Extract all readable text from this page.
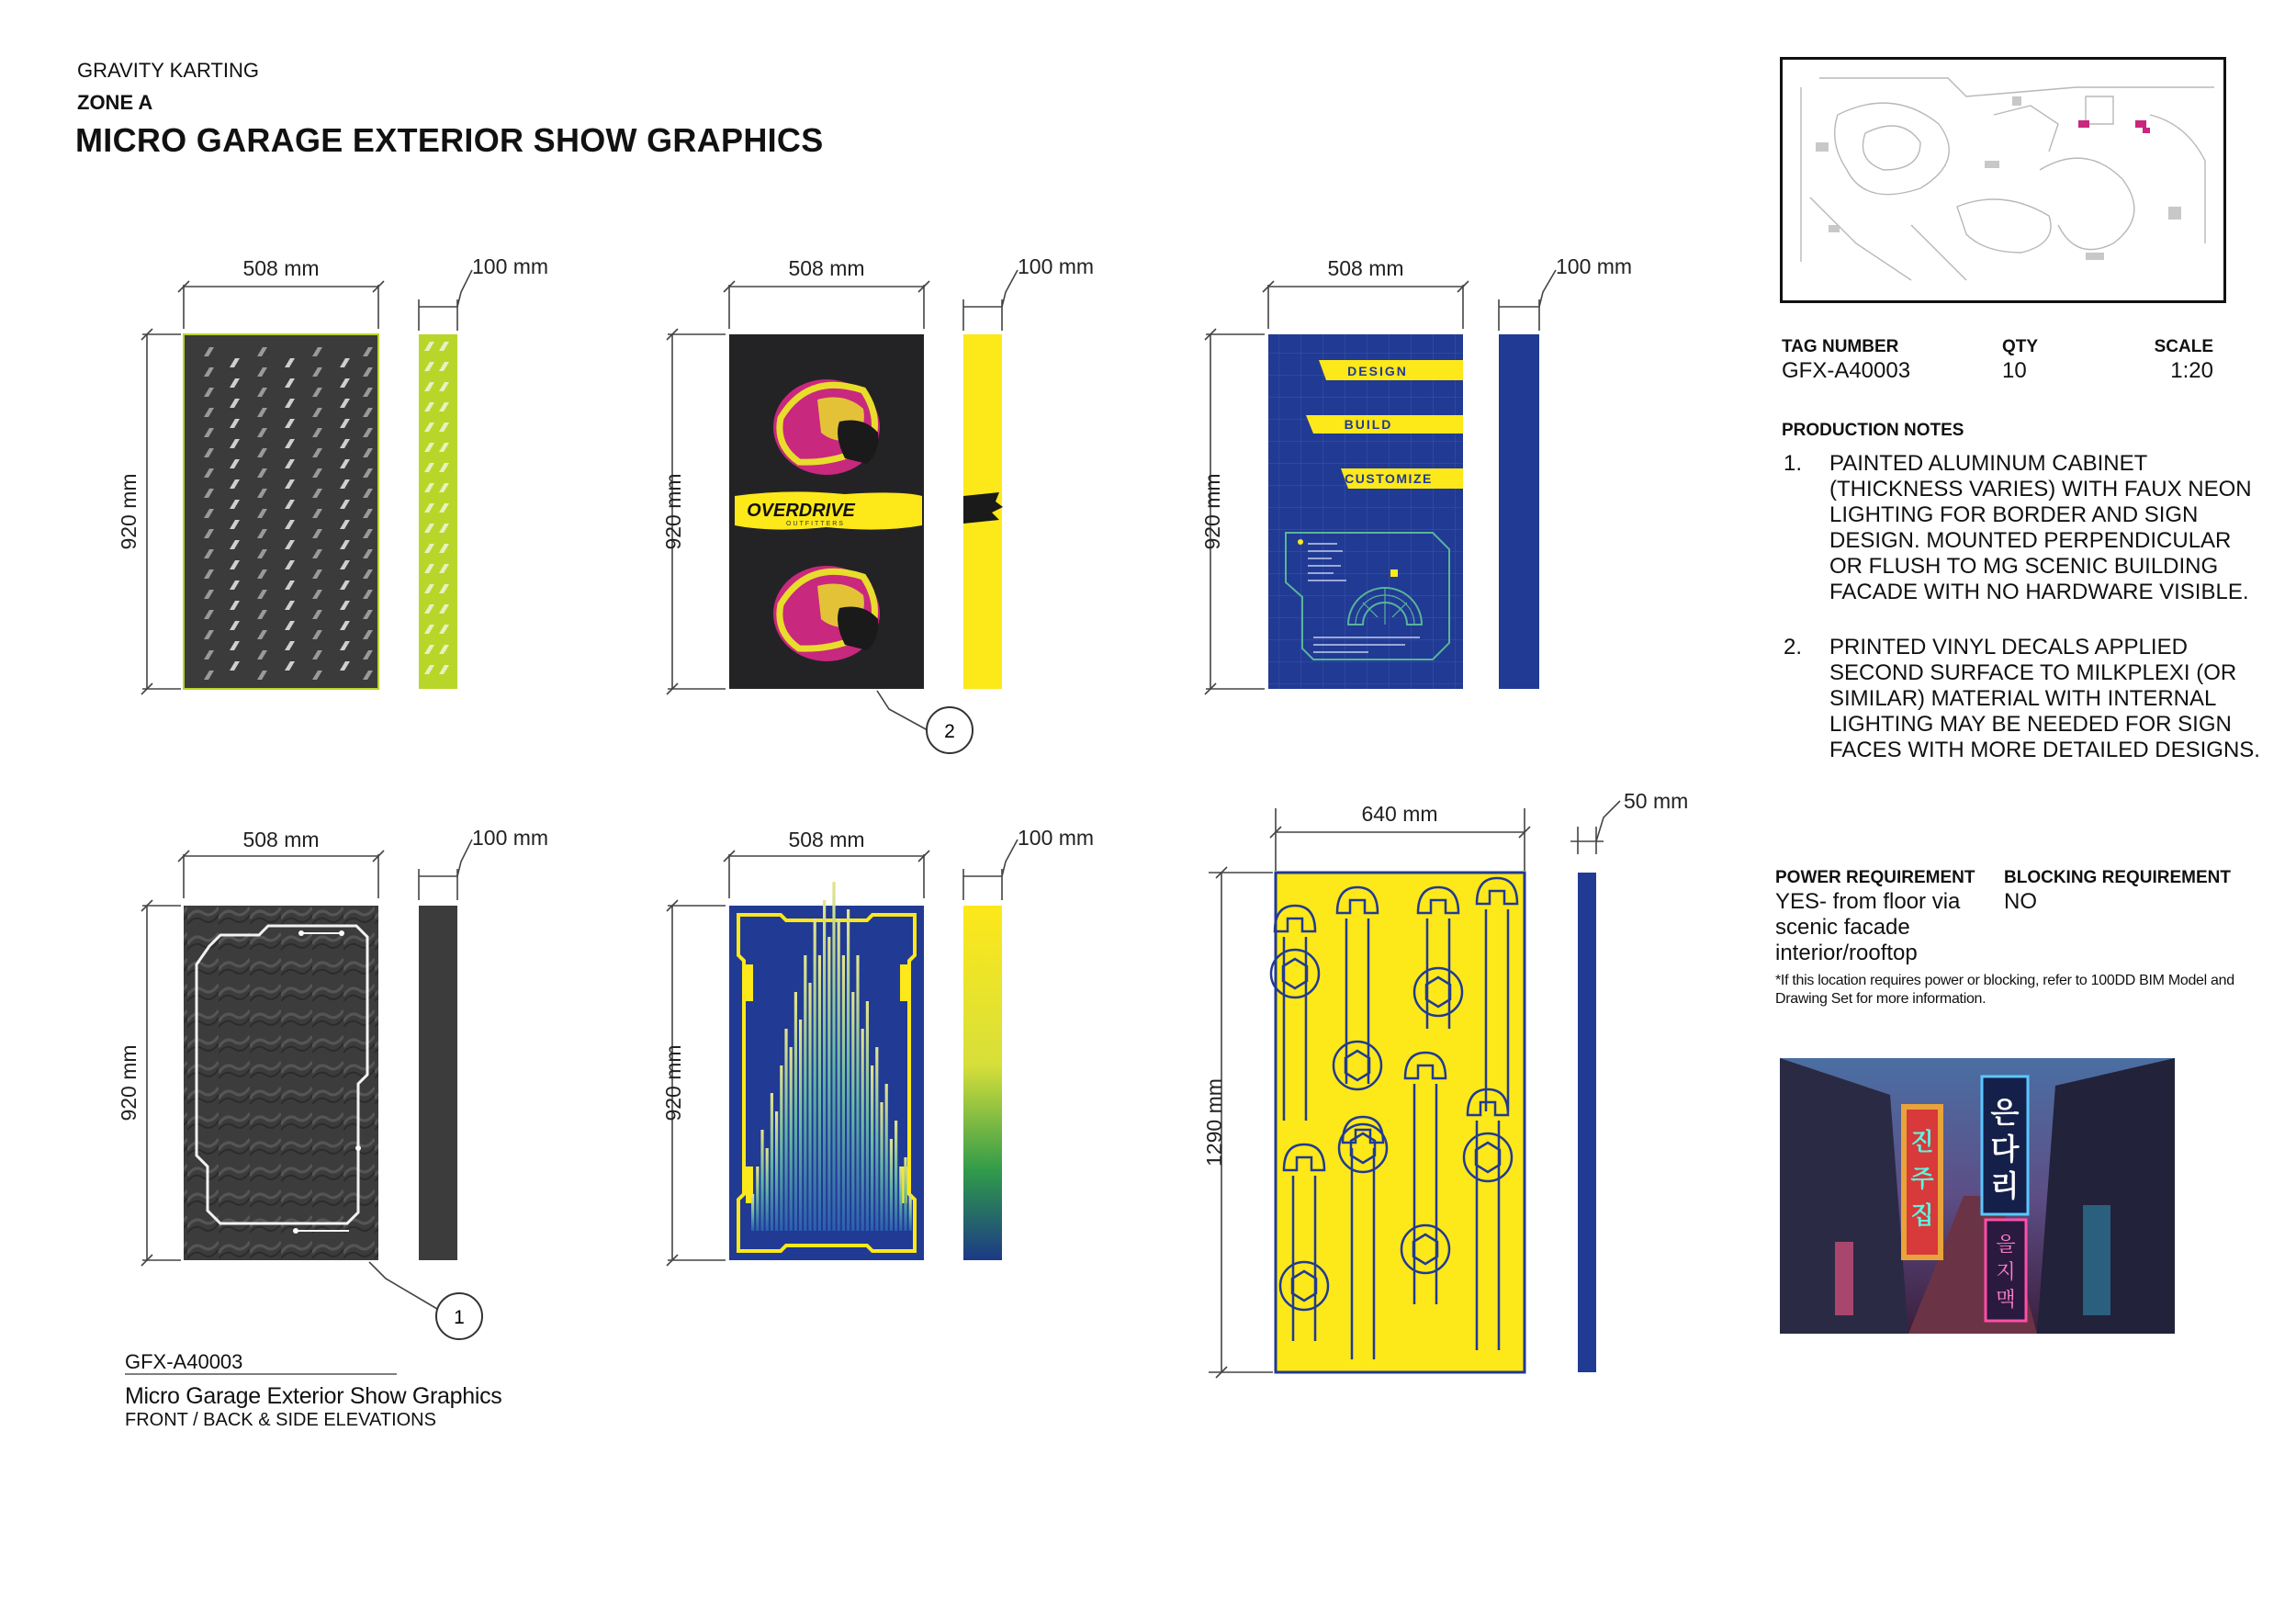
GRAVITY KARTING
ZONE A
MICRO GARAGE EXTERIOR SHOW GRAPHICS
OVERDRIVE
OUTFITTERS
DESIGN
BUILD
CUSTOMIZE
2
1
508 mm	100 mm
920 mm
508 mm	100 mm
920 mm
508 mm	100 mm
920 mm
508 mm	100 mm
920 mm
508 mm	100 mm
920 mm
640 mm
50 mm
1290 mm
GFX-A40003
Micro Garage Exterior Show Graphics
FRONT / BACK & SIDE ELEVATIONS
TAG NUMBER
GFX-A40003
QTY
10
SCALE
1:20
PRODUCTION NOTES
1.	PAINTED ALUMINUM CABINET (THICKNESS VARIES) WITH FAUX NEON LIGHTING FOR BORDER AND SIGN DESIGN. MOUNTED PERPENDICULAR OR FLUSH TO MG SCENIC BUILDING FACADE WITH NO HARDWARE VISIBLE.
2.	PRINTED VINYL DECALS APPLIED SECOND SURFACE TO MILKPLEXI (OR SIMILAR) MATERIAL WITH INTERNAL LIGHTING MAY BE NEEDED FOR SIGN FACES WITH MORE DETAILED DESIGNS.
POWER REQUIREMENT
YES- from floor via scenic facade interior/rooftop
BLOCKING REQUIREMENT
NO
*If this location requires power or blocking, refer to 100DD BIM Model and Drawing Set for more information.
진
주
집
은
다
리
을
지
맥
